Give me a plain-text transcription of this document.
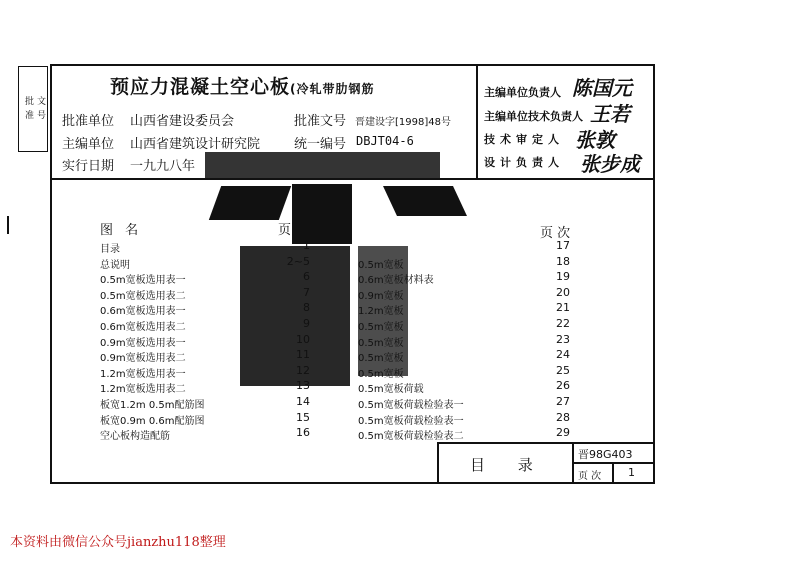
批
准
文
号
预应力混凝土空心板(冷轧带肋钢筋
批准单位 山西省建设委员会	批准文号 晋建设字[1998]48号
主编单位 山西省建筑设计研究院	统一编号 DBJT04-6
实行日期 一九九八年
主编单位负责人 陈国元
主编单位技术负责人 王若
技术审定人 张敦
设计负责人 张步成
图 名	页	页 次
目录	1
总说明	2~5
0.5m宽板选用表一	6
0.5m宽板选用表二	7
0.6m宽板选用表一	8
0.6m宽板选用表二	9
0.9m宽板选用表一	10
0.9m宽板选用表二	11
1.2m宽板选用表一	12
1.2m宽板选用表二	13
板宽1.2m 0.5m配筋图	14
板宽0.9m 0.6m配筋图	15
空心板构造配筋	16
17
0.5m宽板	18
0.6m宽板材料表	19
0.9m宽板	20
1.2m宽板	21
0.5m宽板	22
0.5m宽板	23
0.5m宽板	24
0.5m宽板	25
0.5m宽板荷载	26
0.5m宽板荷载检验表一	27
0.5m宽板荷载检验表一	28
0.5m宽板荷载检验表二	29
目 录
晋98G403
页 次 1
本资料由微信公众号jianzhu118整理
